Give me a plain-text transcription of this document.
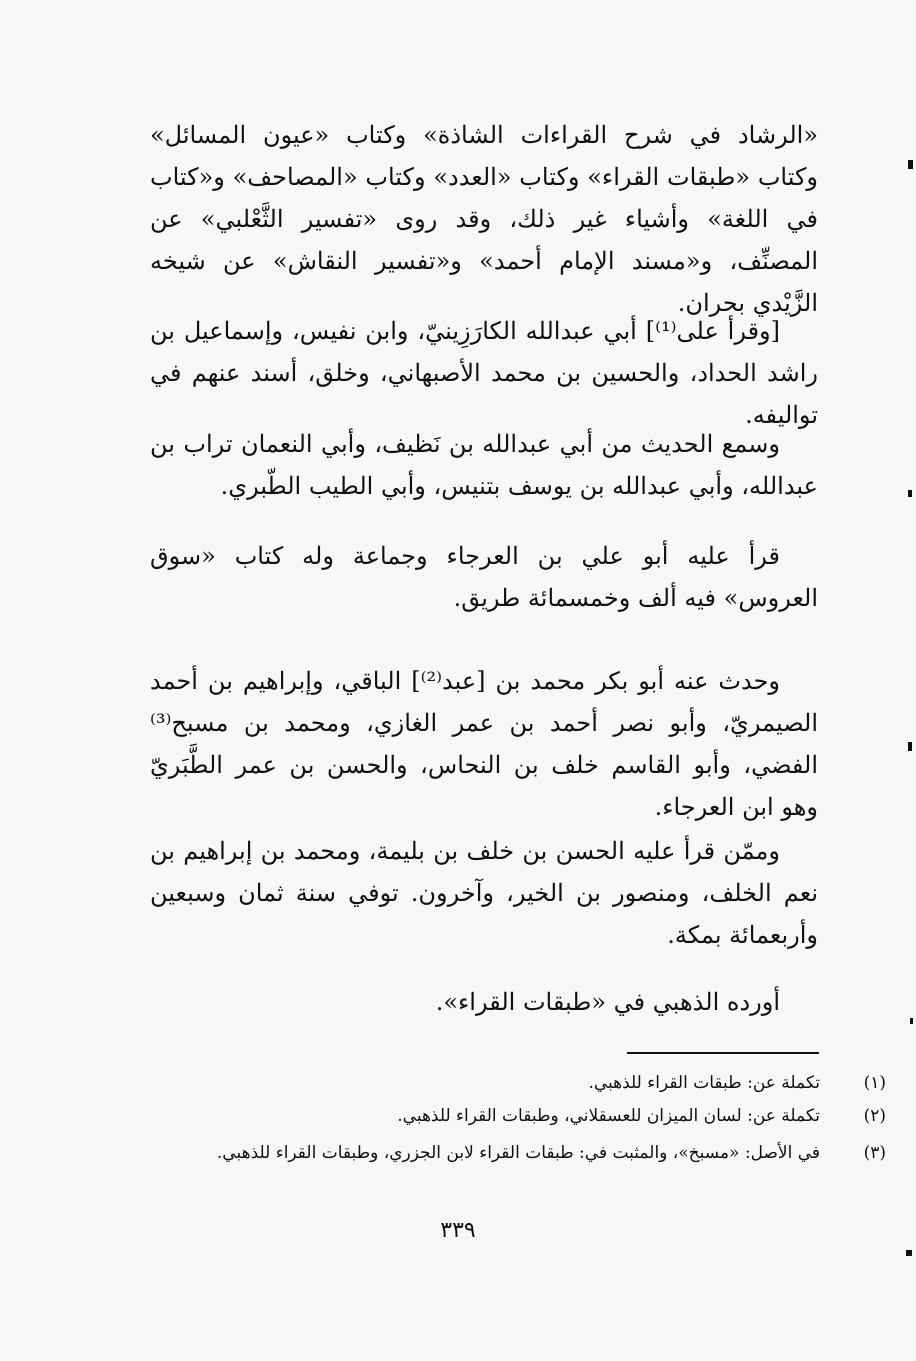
«الرشاد في شرح القراءات الشاذة» وكتاب «عيون المسائل» وكتاب «طبقات القراء» وكتاب «العدد» وكتاب «المصاحف» و«كتاب في اللغة» وأشياء غير ذلك، وقد روى «تفسير الثَّعْلبي» عن المصنِّف، و«مسند الإمام أحمد» و«تفسير النقاش» عن شيخه الزَّيْدي بحران.

[وقرأ على⁽¹⁾] أبي عبدالله الكارَزِينيّ، وابن نفيس، وإسماعيل بن راشد الحداد، والحسين بن محمد الأصبهاني، وخلق، أسند عنهم في تواليفه.

وسمع الحديث من أبي عبدالله بن نَظيف، وأبي النعمان تراب بن عبدالله، وأبي عبدالله بن يوسف بتنيس، وأبي الطيب الطّبري.

قرأ عليه أبو علي بن العرجاء وجماعة وله كتاب «سوق العروس» فيه ألف وخمسمائة طريق.

وحدث عنه أبو بكر محمد بن [عبد⁽²⁾] الباقي، وإبراهيم بن أحمد الصيمريّ، وأبو نصر أحمد بن عمر الغازي، ومحمد بن مسبح⁽³⁾ الفضي، وأبو القاسم خلف بن النحاس، والحسن بن عمر الطَّبَريّ وهو ابن العرجاء.

وممّن قرأ عليه الحسن بن خلف بن بليمة، ومحمد بن إبراهيم بن نعم الخلف، ومنصور بن الخير، وآخرون. توفي سنة ثمان وسبعين وأربعمائة بمكة.

أورده الذهبي في «طبقات القراء».

(١)
تكملة عن: طبقات القراء للذهبي.
(٢)
تكملة عن: لسان الميزان للعسقلاني، وطبقات القراء للذهبي.
(٣)
في الأصل: «مسبخ»، والمثبت في: طبقات القراء لابن الجزري، وطبقات القراء للذهبي.
٣٣٩
